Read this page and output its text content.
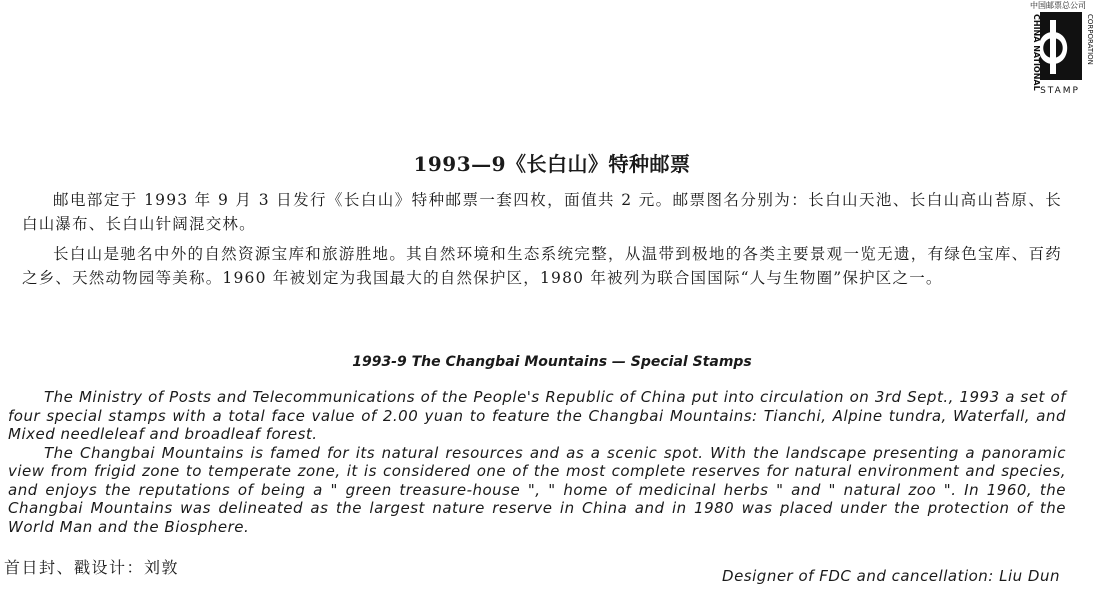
中国邮票总公司
CHINA NATIONAL	CORPORATION
STAMP
1993—9《长白山》特种邮票

邮电部定于 1993 年 9 月 3 日发行《长白山》特种邮票一套四枚，面值共 2 元。邮票图名分别为：长白山天池、长白山高山苔原、长白山瀑布、长白山针阔混交林。

长白山是驰名中外的自然资源宝库和旅游胜地。其自然环境和生态系统完整，从温带到极地的各类主要景观一览无遗，有绿色宝库、百药之乡、天然动物园等美称。1960 年被划定为我国最大的自然保护区，1980 年被列为联合国国际“人与生物圈”保护区之一。

1993-9 The Changbai Mountains — Special Stamps

The Ministry of Posts and Telecommunications of the People's Republic of China put into circulation on 3rd Sept., 1993 a set of four special stamps with a total face value of 2.00 yuan to feature the Changbai Mountains: Tianchi, Alpine tundra, Waterfall, and Mixed needleleaf and broadleaf forest.

The Changbai Mountains is famed for its natural resources and as a scenic spot. With the landscape presenting a panoramic view from frigid zone to temperate zone, it is considered one of the most complete reserves for natural environment and species, and enjoys the reputations of being a " green treasure-house ", " home of medicinal herbs " and " natural zoo ". In 1960, the Changbai Mountains was delineated as the largest nature reserve in China and in 1980 was placed under the protection of the World Man and the Biosphere.

首日封、戳设计：刘敦	Designer of FDC and cancellation: Liu Dun
